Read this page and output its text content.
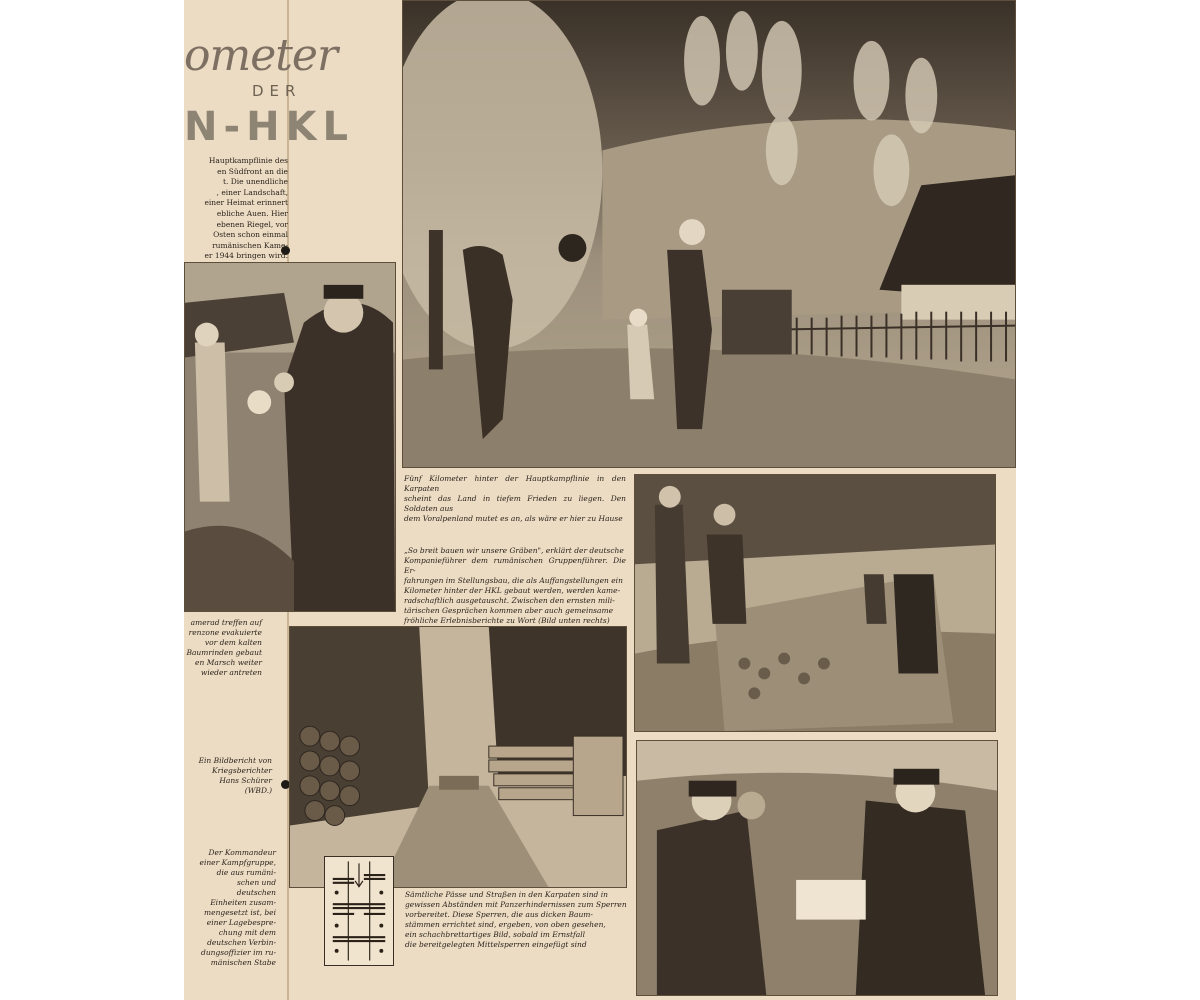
ometer
DER
N-HKL
Hauptkampflinie des
en Südfront an die
t. Die unendliche
, einer Landschaft,
einer Heimat erinnert
ebliche Auen. Hier
ebenen Riegel, vor
Osten schon einmal
rumänischen Kame-
er 1944 bringen wird.
amerad treffen auf
renzone evakuierte
vor dem kalten
Baumrinden gebaut
en Marsch weiter
wieder antreten
Ein Bildbericht von
Kriegsberichter
Hans Schürer (WBD.)
Der Kommandeur
einer Kampfgruppe,
die aus rumäni-
schen und deutschen
Einheiten zusam-
mengesetzt ist, bei
einer Lagebespre-
chung mit dem
deutschen Verbin-
dungsoffizier im ru-
mänischen Stabe
Fünf Kilometer hinter der Hauptkampflinie in den Karpaten
scheint das Land in tiefem Frieden zu liegen. Den Soldaten aus
dem Voralpenland mutet es an, als wäre er hier zu Hause
„So breit bauen wir unsere Gräben", erklärt der deutsche
Kompanieführer dem rumänischen Gruppenführer. Die Er-
fahrungen im Stellungsbau, die als Auffangstellungen ein
Kilometer hinter der HKL gebaut werden, werden kame-
radschaftlich ausgetauscht. Zwischen den ernsten mili-
tärischen Gesprächen kommen aber auch gemeinsame
fröhliche Erlebnisberichte zu Wort (Bild unten rechts)
Sämtliche Pässe und Straßen in den Karpaten sind in
gewissen Abständen mit Panzerhindernissen zum Sperren
vorbereitet. Diese Sperren, die aus dicken Baum-
stämmen errichtet sind, ergeben, von oben gesehen,
ein schachbrettartiges Bild, sobald im Ernstfall
die bereitgelegten Mittelsperren eingefügt sind
